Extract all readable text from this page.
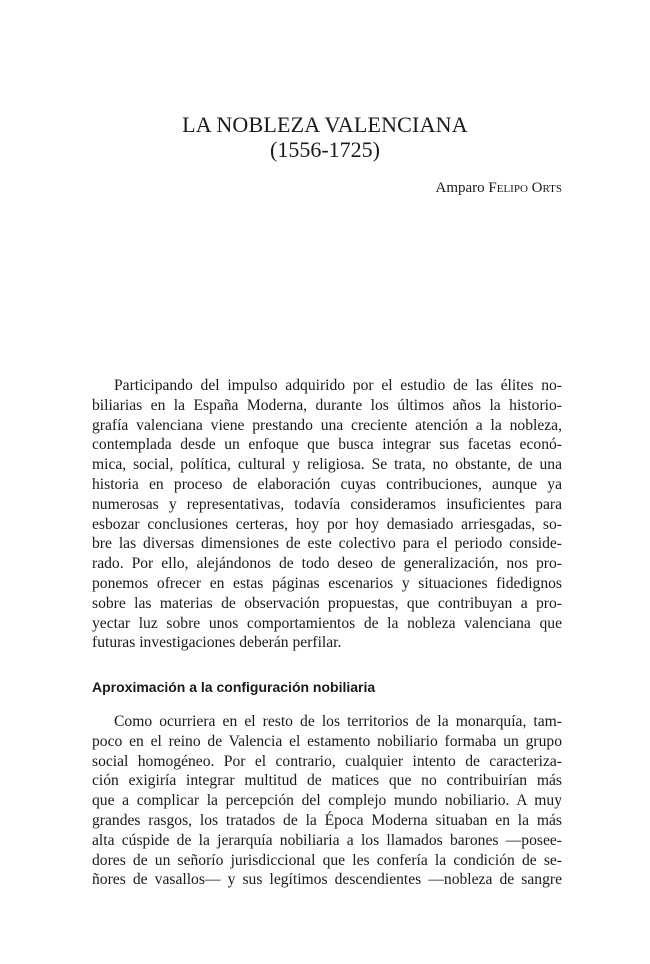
LA NOBLEZA VALENCIANA
(1556-1725)
Amparo Felipo Orts
Participando del impulso adquirido por el estudio de las élites no-
biliarias en la España Moderna, durante los últimos años la historio-
grafía valenciana viene prestando una creciente atención a la nobleza,
contemplada desde un enfoque que busca integrar sus facetas econó-
mica, social, política, cultural y religiosa. Se trata, no obstante, de una
historia en proceso de elaboración cuyas contribuciones, aunque ya
numerosas y representativas, todavía consideramos insuficientes para
esbozar conclusiones certeras, hoy por hoy demasiado arriesgadas, so-
bre las diversas dimensiones de este colectivo para el periodo conside-
rado. Por ello, alejándonos de todo deseo de generalización, nos pro-
ponemos ofrecer en estas páginas escenarios y situaciones fidedignos
sobre las materias de observación propuestas, que contribuyan a pro-
yectar luz sobre unos comportamientos de la nobleza valenciana que
futuras investigaciones deberán perfilar.
Aproximación a la configuración nobiliaria
Como ocurriera en el resto de los territorios de la monarquía, tam-
poco en el reino de Valencia el estamento nobiliario formaba un grupo
social homogéneo. Por el contrario, cualquier intento de caracteriza-
ción exigiría integrar multitud de matices que no contribuirían más
que a complicar la percepción del complejo mundo nobiliario. A muy
grandes rasgos, los tratados de la Época Moderna situaban en la más
alta cúspide de la jerarquía nobiliaria a los llamados barones —posee-
dores de un señorío jurisdiccional que les confería la condición de se-
ñores de vasallos— y sus legítimos descendientes —nobleza de sangre
